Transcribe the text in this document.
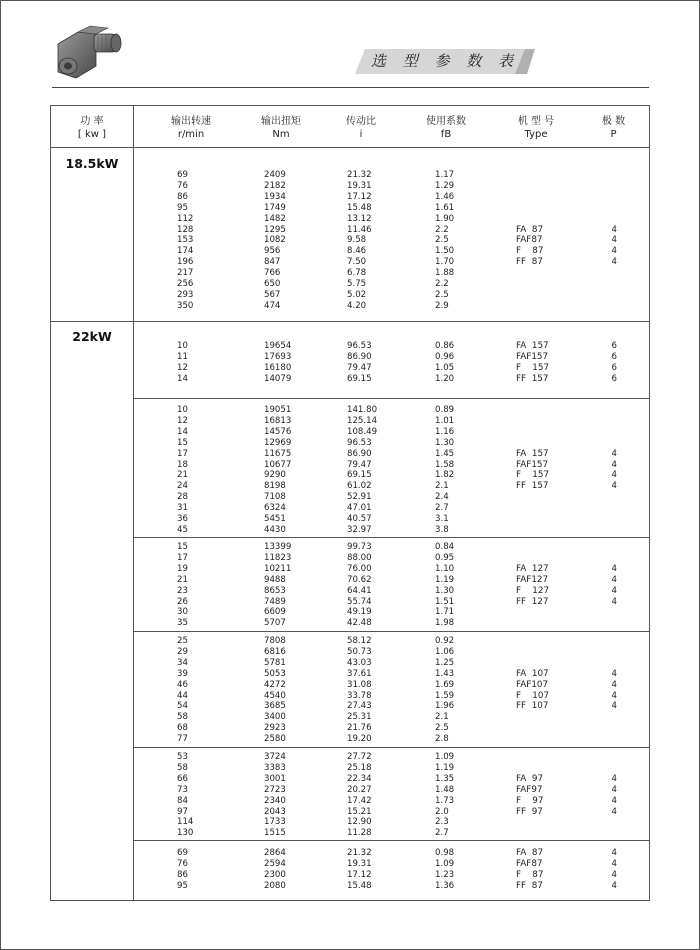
选 型 参 数 表
功 率
[ kw ]
输出转速
r/min
输出扭矩
Nm
传动比
i
使用系数
fB
机 型 号
Type
极 数
P
18.5kW
69
76
86
95
112
128
153
174
196
217
256
293
350
2409
2182
1934
1749
1482
1295
1082
956
847
766
650
567
474
21.32
19.31
17.12
15.48
13.12
11.46
9.58
8.46
7.50
6.78
5.75
5.02
4.20
1.17
1.29
1.46
1.61
1.90
2.2
2.5
1.50
1.70
1.88
2.2
2.5
2.9
FA  87
FAF87
F    87
FF  87
4
4
4
4
22kW
10
11
12
14
19654
17693
16180
14079
96.53
86.90
79.47
69.15
0.86
0.96
1.05
1.20
FA  157
FAF157
F    157
FF  157
6
6
6
6
10
12
14
15
17
18
21
24
28
31
36
45
19051
16813
14576
12969
11675
10677
9290
8198
7108
6324
5451
4430
141.80
125.14
108.49
96.53
86.90
79.47
69.15
61.02
52.91
47.01
40.57
32.97
0.89
1.01
1.16
1.30
1.45
1.58
1.82
2.1
2.4
2.7
3.1
3.8
FA  157
FAF157
F    157
FF  157
4
4
4
4
15
17
19
21
23
26
30
35
13399
11823
10211
9488
8653
7489
6609
5707
99.73
88.00
76.00
70.62
64.41
55.74
49.19
42.48
0.84
0.95
1.10
1.19
1.30
1.51
1.71
1.98
FA  127
FAF127
F    127
FF  127
4
4
4
4
25
29
34
39
46
44
54
58
68
77
7808
6816
5781
5053
4272
4540
3685
3400
2923
2580
58.12
50.73
43.03
37.61
31.08
33.78
27.43
25.31
21.76
19.20
0.92
1.06
1.25
1.43
1.69
1.59
1.96
2.1
2.5
2.8
FA  107
FAF107
F    107
FF  107
4
4
4
4
53
58
66
73
84
97
114
130
3724
3383
3001
2723
2340
2043
1733
1515
27.72
25.18
22.34
20.27
17.42
15.21
12.90
11.28
1.09
1.19
1.35
1.48
1.73
2.0
2.3
2.7
FA  97
FAF97
F    97
FF  97
4
4
4
4
69
76
86
95
2864
2594
2300
2080
21.32
19.31
17.12
15.48
0.98
1.09
1.23
1.36
FA  87
FAF87
F    87
FF  87
4
4
4
4
